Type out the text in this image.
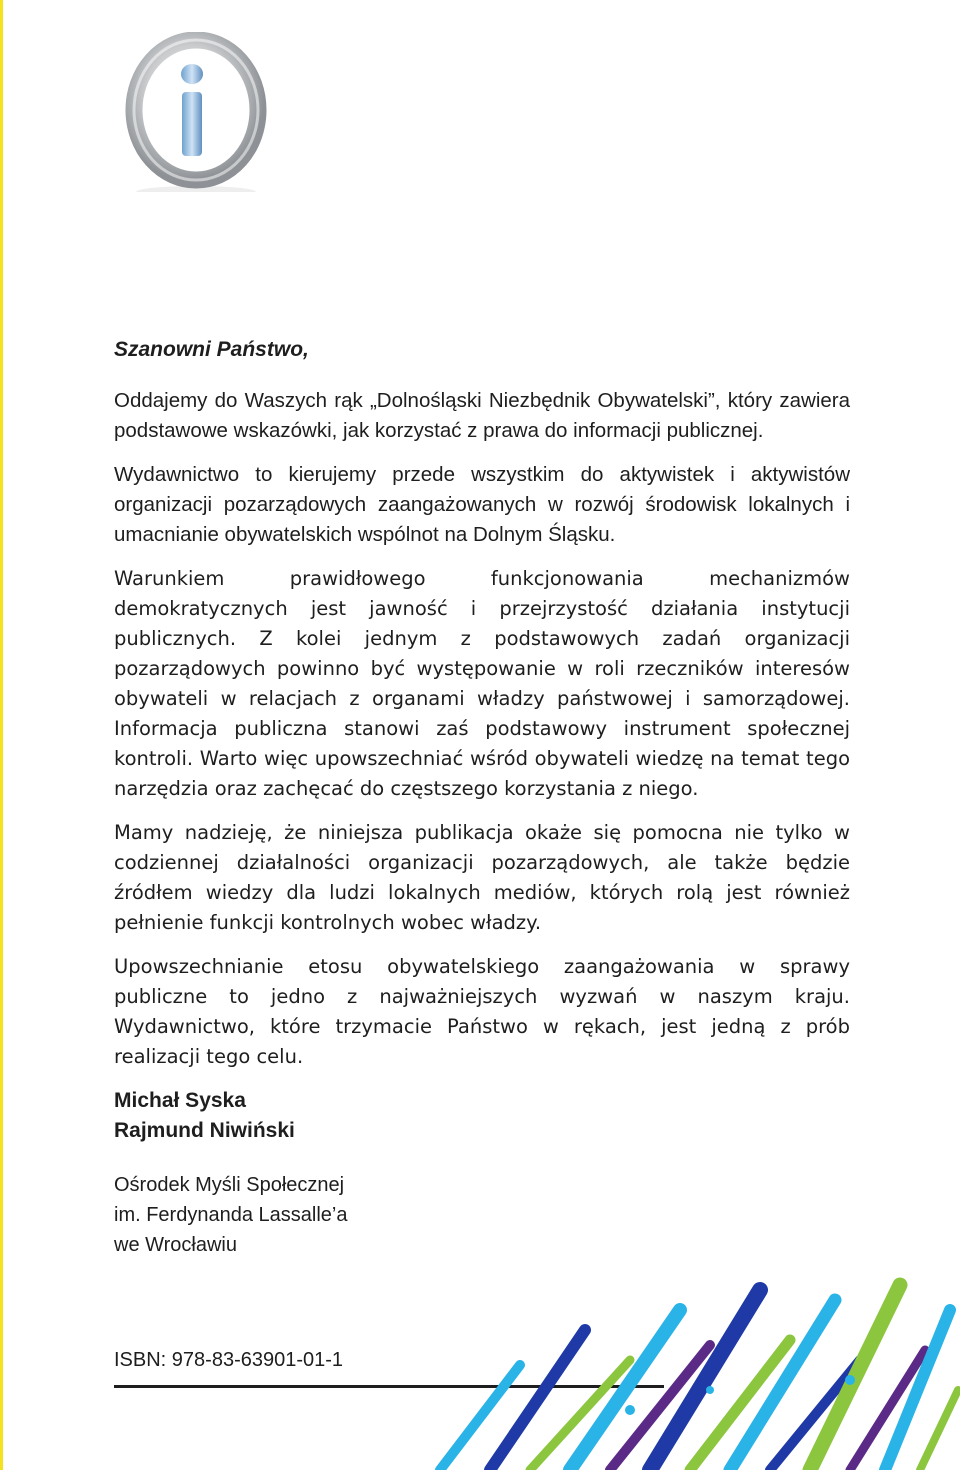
Szanowni Państwo,

Oddajemy do Waszych rąk „Dolnośląski Niezbędnik Obywatelski”, który zawiera podstawowe wskazówki, jak korzystać z prawa do informacji publicznej.

Wydawnictwo to kierujemy przede wszystkim do aktywistek i aktywistów organizacji pozarządowych zaangażowanych w rozwój środowisk lokalnych i umacnianie obywatelskich wspólnot na Dolnym Śląsku.

Warunkiem prawidłowego funkcjonowania mechanizmów demokratycznych jest jawność i przejrzystość działania instytucji publicznych. Z kolei jednym z podstawowych zadań organizacji pozarządowych powinno być występowanie w roli rzeczników interesów obywateli w relacjach z organami władzy państwowej i samorządowej. Informacja publiczna stanowi zaś podstawowy instrument społecznej kontroli. Warto więc upowszechniać wśród obywateli wiedzę na temat tego narzędzia oraz zachęcać do częstszego korzystania z niego.

Mamy nadzieję, że niniejsza publikacja okaże się pomocna nie tylko w codziennej działalności organizacji pozarządowych, ale także będzie źródłem wiedzy dla ludzi lokalnych mediów, których rolą jest również pełnienie funkcji kontrolnych wobec władzy.

Upowszechnianie etosu obywatelskiego zaangażowania w sprawy publiczne to jedno z najważniejszych wyzwań w naszym kraju. Wydawnictwo, które trzymacie Państwo w rękach, jest jedną z prób realizacji tego celu.

Michał Syska
Rajmund Niwiński
Ośrodek Myśli Społecznej
im. Ferdynanda Lassalle’a
we Wrocławiu
ISBN: 978-83-63901-01-1
